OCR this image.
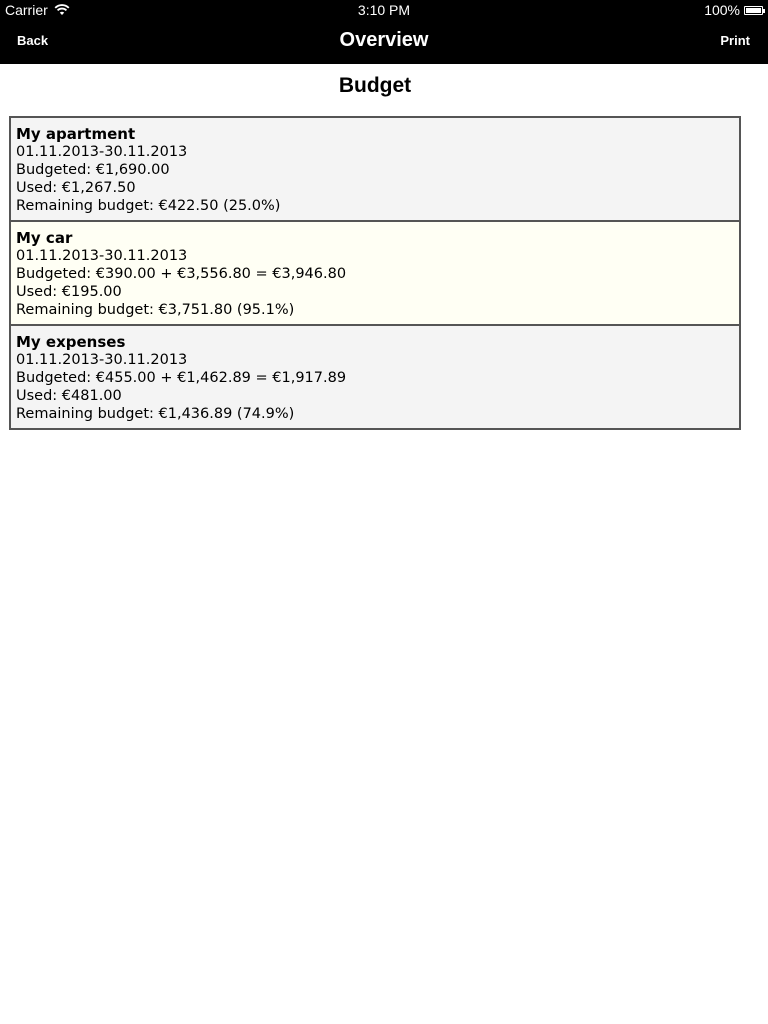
Carrier	3:10 PM	100%
Back	Overview	Print
Budget
My apartment
01.11.2013-30.11.2013
Budgeted: €1,690.00
Used: €1,267.50
Remaining budget: €422.50 (25.0%)
My car
01.11.2013-30.11.2013
Budgeted: €390.00 + €3,556.80 = €3,946.80
Used: €195.00
Remaining budget: €3,751.80 (95.1%)
My expenses
01.11.2013-30.11.2013
Budgeted: €455.00 + €1,462.89 = €1,917.89
Used: €481.00
Remaining budget: €1,436.89 (74.9%)
